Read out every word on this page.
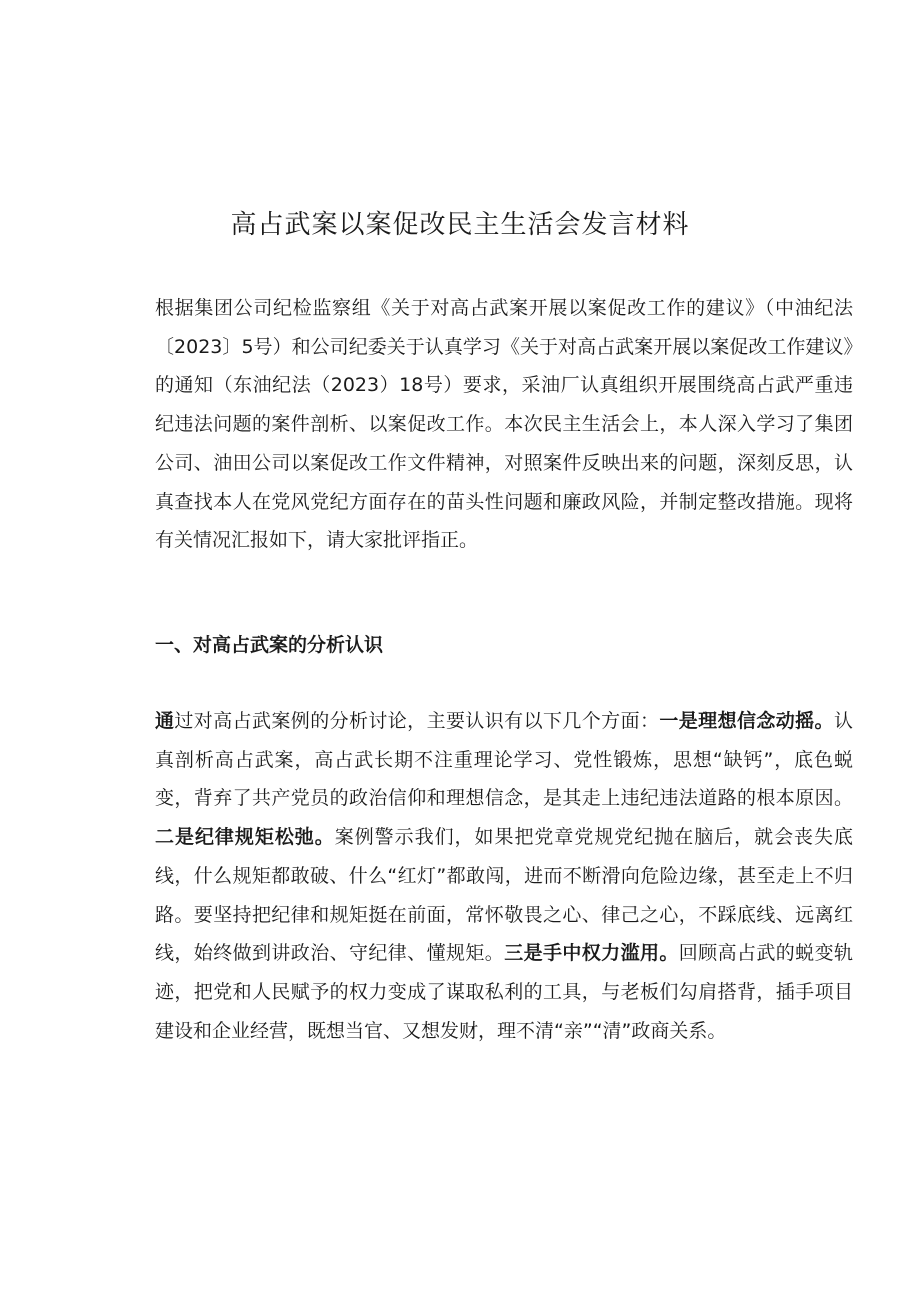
高占武案以案促改民主生活会发言材料

根据集团公司纪检监察组《关于对高占武案开展以案促改工作的建议》（中油纪法〔2023〕5号）和公司纪委关于认真学习《关于对高占武案开展以案促改工作建议》的通知（东油纪法（2023）18号）要求，采油厂认真组织开展围绕高占武严重违纪违法问题的案件剖析、以案促改工作。本次民主生活会上，本人深入学习了集团公司、油田公司以案促改工作文件精神，对照案件反映出来的问题，深刻反思，认真查找本人在党风党纪方面存在的苗头性问题和廉政风险，并制定整改措施。现将有关情况汇报如下，请大家批评指正。

一、对高占武案的分析认识

通过对高占武案例的分析讨论，主要认识有以下几个方面：一是理想信念动摇。认真剖析高占武案，高占武长期不注重理论学习、党性锻炼，思想“缺钙”，底色蜕变，背弃了共产党员的政治信仰和理想信念，是其走上违纪违法道路的根本原因。二是纪律规矩松弛。案例警示我们，如果把党章党规党纪抛在脑后，就会丧失底线，什么规矩都敢破、什么“红灯”都敢闯，进而不断滑向危险边缘，甚至走上不归路。要坚持把纪律和规矩挺在前面，常怀敬畏之心、律己之心，不踩底线、远离红线，始终做到讲政治、守纪律、懂规矩。三是手中权力滥用。回顾高占武的蜕变轨迹，把党和人民赋予的权力变成了谋取私利的工具，与老板们勾肩搭背，插手项目建设和企业经营，既想当官、又想发财，理不清“亲”“清”政商关系。
